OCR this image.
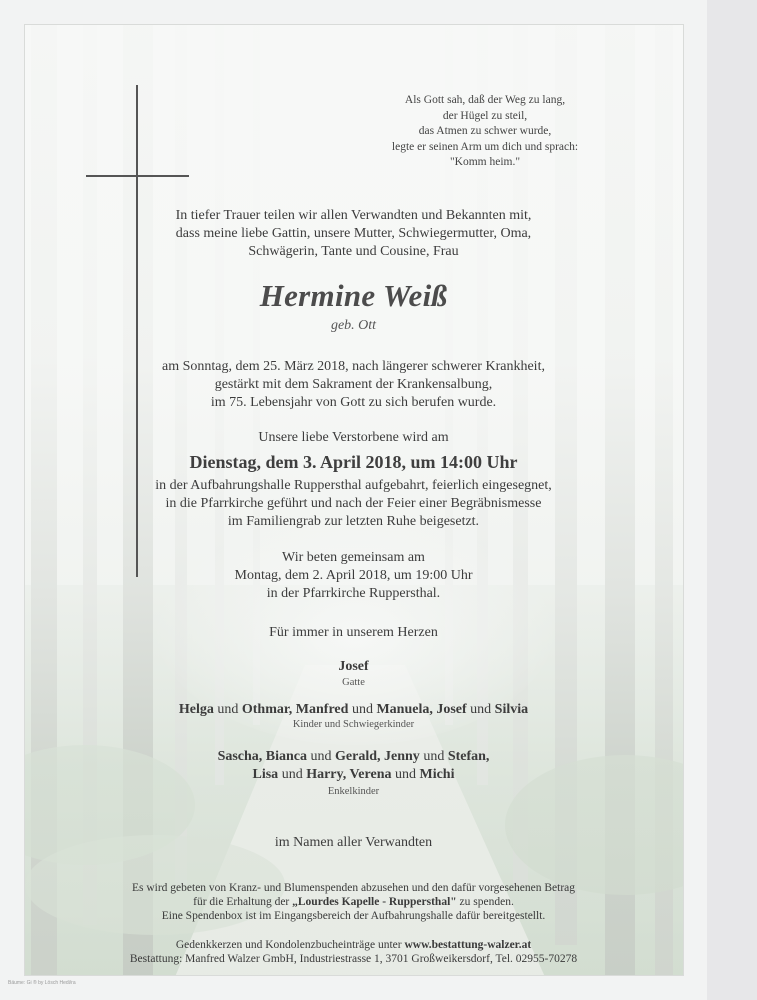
Als Gott sah, daß der Weg zu lang,
der Hügel zu steil,
das Atmen zu schwer wurde,
legte er seinen Arm um dich und sprach:
"Komm heim."
In tiefer Trauer teilen wir allen Verwandten und Bekannten mit,
dass meine liebe Gattin, unsere Mutter, Schwiegermutter, Oma,
Schwägerin, Tante und Cousine, Frau
Hermine Weiß
geb. Ott
am Sonntag, dem 25. März 2018, nach längerer schwerer Krankheit,
gestärkt mit dem Sakrament der Krankensalbung,
im 75. Lebensjahr von Gott zu sich berufen wurde.
Unsere liebe Verstorbene wird am
Dienstag, dem 3. April 2018, um 14:00 Uhr
in der Aufbahrungshalle Ruppersthal aufgebahrt, feierlich eingesegnet,
in die Pfarrkirche geführt und nach der Feier einer Begräbnismesse
im Familiengrab zur letzten Ruhe beigesetzt.
Wir beten gemeinsam am
Montag, dem 2. April 2018, um 19:00 Uhr
in der Pfarrkirche Ruppersthal.
Für immer in unserem Herzen
Josef
Gatte
Helga und Othmar, Manfred und Manuela, Josef und Silvia
Kinder und Schwiegerkinder
Sascha, Bianca und Gerald, Jenny und Stefan,
Lisa und Harry, Verena und Michi
Enkelkinder
im Namen aller Verwandten
Es wird gebeten von Kranz- und Blumenspenden abzusehen und den dafür vorgesehenen Betrag
für die Erhaltung der „Lourdes Kapelle - Ruppersthal" zu spenden.
Eine Spendenbox ist im Eingangsbereich der Aufbahrungshalle dafür bereitgestellt.
Gedenkkerzen und Kondolenzbucheinträge unter www.bestattung-walzer.at
Bestattung: Manfred Walzer GmbH, Industriestrasse 1, 3701 Großweikersdorf, Tel. 02955-70278
Bäume: Gi ® by Lösch Hedi/ra
